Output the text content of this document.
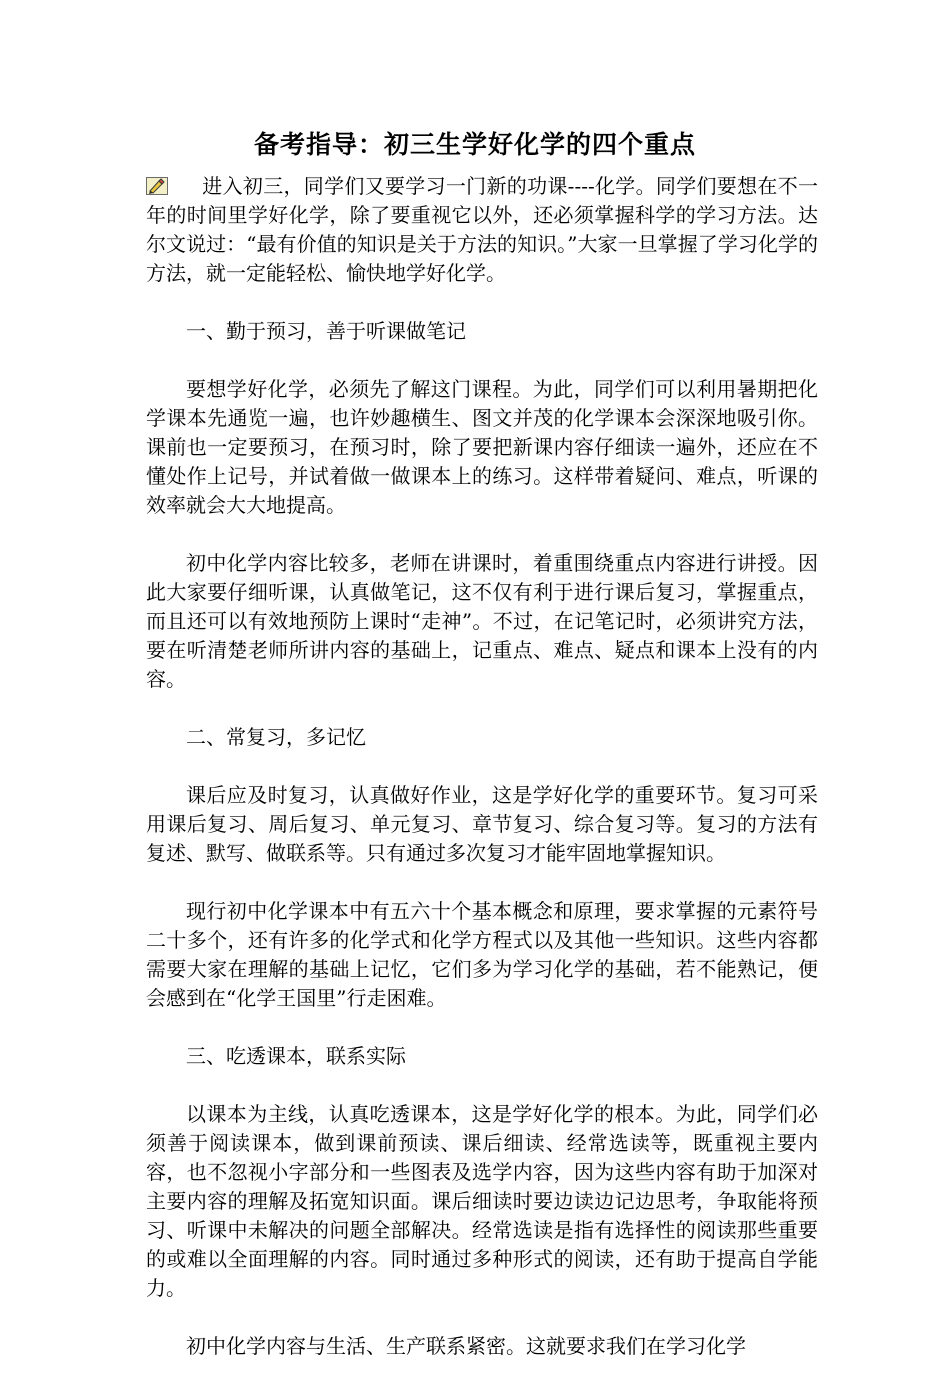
备考指导：初三生学好化学的四个重点

进入初三，同学们又要学习一门新的功课----化学。同学们要想在不一年的时间里学好化学，除了要重视它以外，还必须掌握科学的学习方法。达尔文说过：“最有价值的知识是关于方法的知识。”大家一旦掌握了学习化学的方法，就一定能轻松、愉快地学好化学。

一、勤于预习，善于听课做笔记

要想学好化学，必须先了解这门课程。为此，同学们可以利用暑期把化学课本先通览一遍，也许妙趣横生、图文并茂的化学课本会深深地吸引你。课前也一定要预习，在预习时，除了要把新课内容仔细读一遍外，还应在不懂处作上记号，并试着做一做课本上的练习。这样带着疑问、难点，听课的效率就会大大地提高。

初中化学内容比较多，老师在讲课时，着重围绕重点内容进行讲授。因此大家要仔细听课，认真做笔记，这不仅有利于进行课后复习，掌握重点，而且还可以有效地预防上课时“走神”。不过，在记笔记时，必须讲究方法，要在听清楚老师所讲内容的基础上，记重点、难点、疑点和课本上没有的内容。

二、常复习，多记忆

课后应及时复习，认真做好作业，这是学好化学的重要环节。复习可采用课后复习、周后复习、单元复习、章节复习、综合复习等。复习的方法有复述、默写、做联系等。只有通过多次复习才能牢固地掌握知识。

现行初中化学课本中有五六十个基本概念和原理，要求掌握的元素符号二十多个，还有许多的化学式和化学方程式以及其他一些知识。这些内容都需要大家在理解的基础上记忆，它们多为学习化学的基础，若不能熟记，便会感到在“化学王国里”行走困难。

三、吃透课本，联系实际

以课本为主线，认真吃透课本，这是学好化学的根本。为此，同学们必须善于阅读课本，做到课前预读、课后细读、经常选读等，既重视主要内容，也不忽视小字部分和一些图表及选学内容，因为这些内容有助于加深对主要内容的理解及拓宽知识面。课后细读时要边读边记边思考，争取能将预习、听课中未解决的问题全部解决。经常选读是指有选择性的阅读那些重要的或难以全面理解的内容。同时通过多种形式的阅读，还有助于提高自学能力。

初中化学内容与生活、生产联系紧密。这就要求我们在学习化学
